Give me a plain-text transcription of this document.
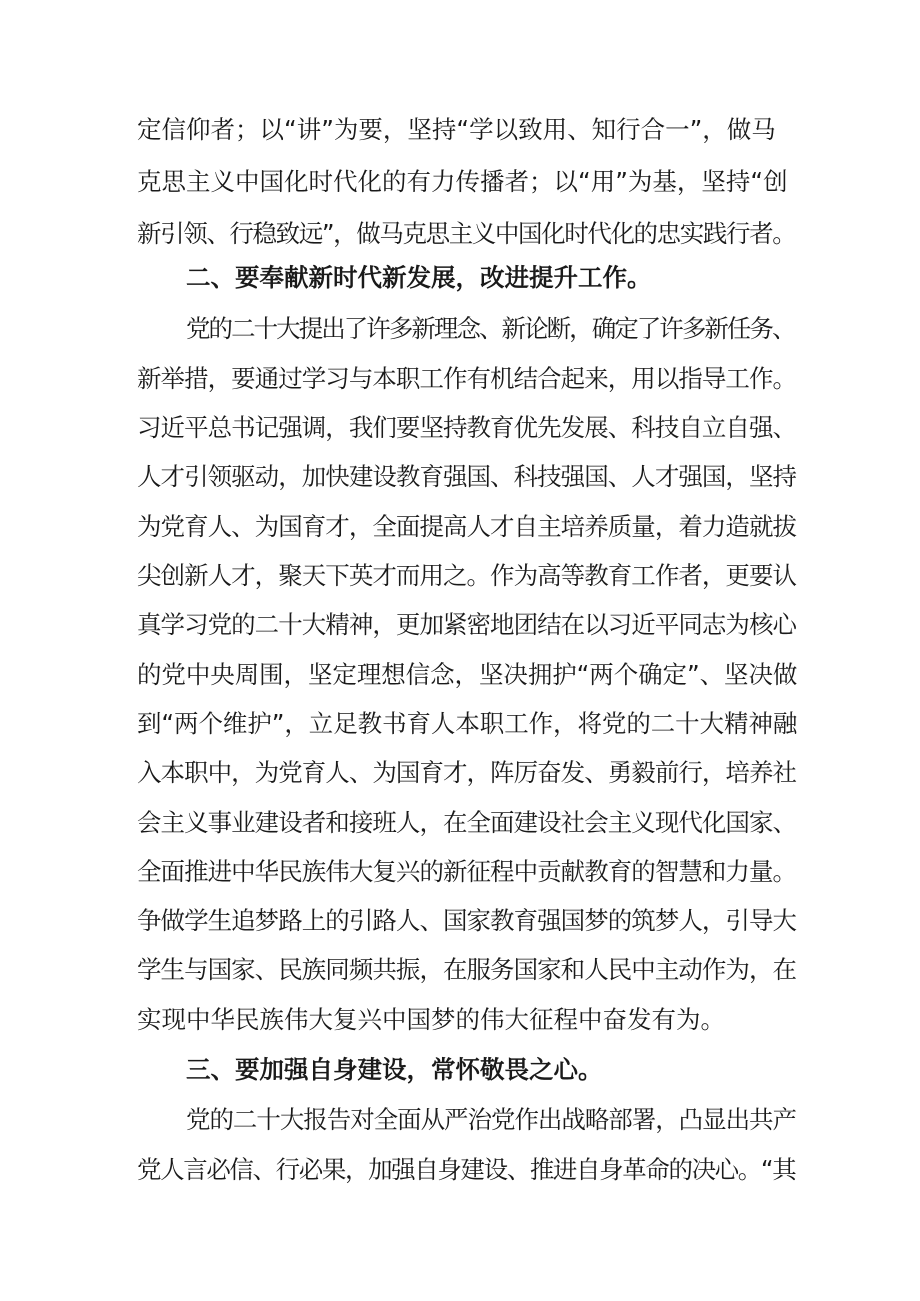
定信仰者；以“讲”为要，坚持“学以致用、知行合一”，做马
克思主义中国化时代化的有力传播者；以“用”为基，坚持“创
新引领、行稳致远”，做马克思主义中国化时代化的忠实践行者。
二、要奉献新时代新发展，改进提升工作。
党的二十大提出了许多新理念、新论断，确定了许多新任务、
新举措，要通过学习与本职工作有机结合起来，用以指导工作。
习近平总书记强调，我们要坚持教育优先发展、科技自立自强、
人才引领驱动，加快建设教育强国、科技强国、人才强国，坚持
为党育人、为国育才，全面提高人才自主培养质量，着力造就拔
尖创新人才，聚天下英才而用之。作为高等教育工作者，更要认
真学习党的二十大精神，更加紧密地团结在以习近平同志为核心
的党中央周围，坚定理想信念，坚决拥护“两个确定”、坚决做
到“两个维护”，立足教书育人本职工作，将党的二十大精神融
入本职中，为党育人、为国育才，阵厉奋发、勇毅前行，培养社
会主义事业建设者和接班人，在全面建设社会主义现代化国家、
全面推进中华民族伟大复兴的新征程中贡献教育的智慧和力量。
争做学生追梦路上的引路人、国家教育强国梦的筑梦人，引导大
学生与国家、民族同频共振，在服务国家和人民中主动作为，在
实现中华民族伟大复兴中国梦的伟大征程中奋发有为。
三、要加强自身建设，常怀敬畏之心。
党的二十大报告对全面从严治党作出战略部署，凸显出共产
党人言必信、行必果，加强自身建设、推进自身革命的决心。“其
